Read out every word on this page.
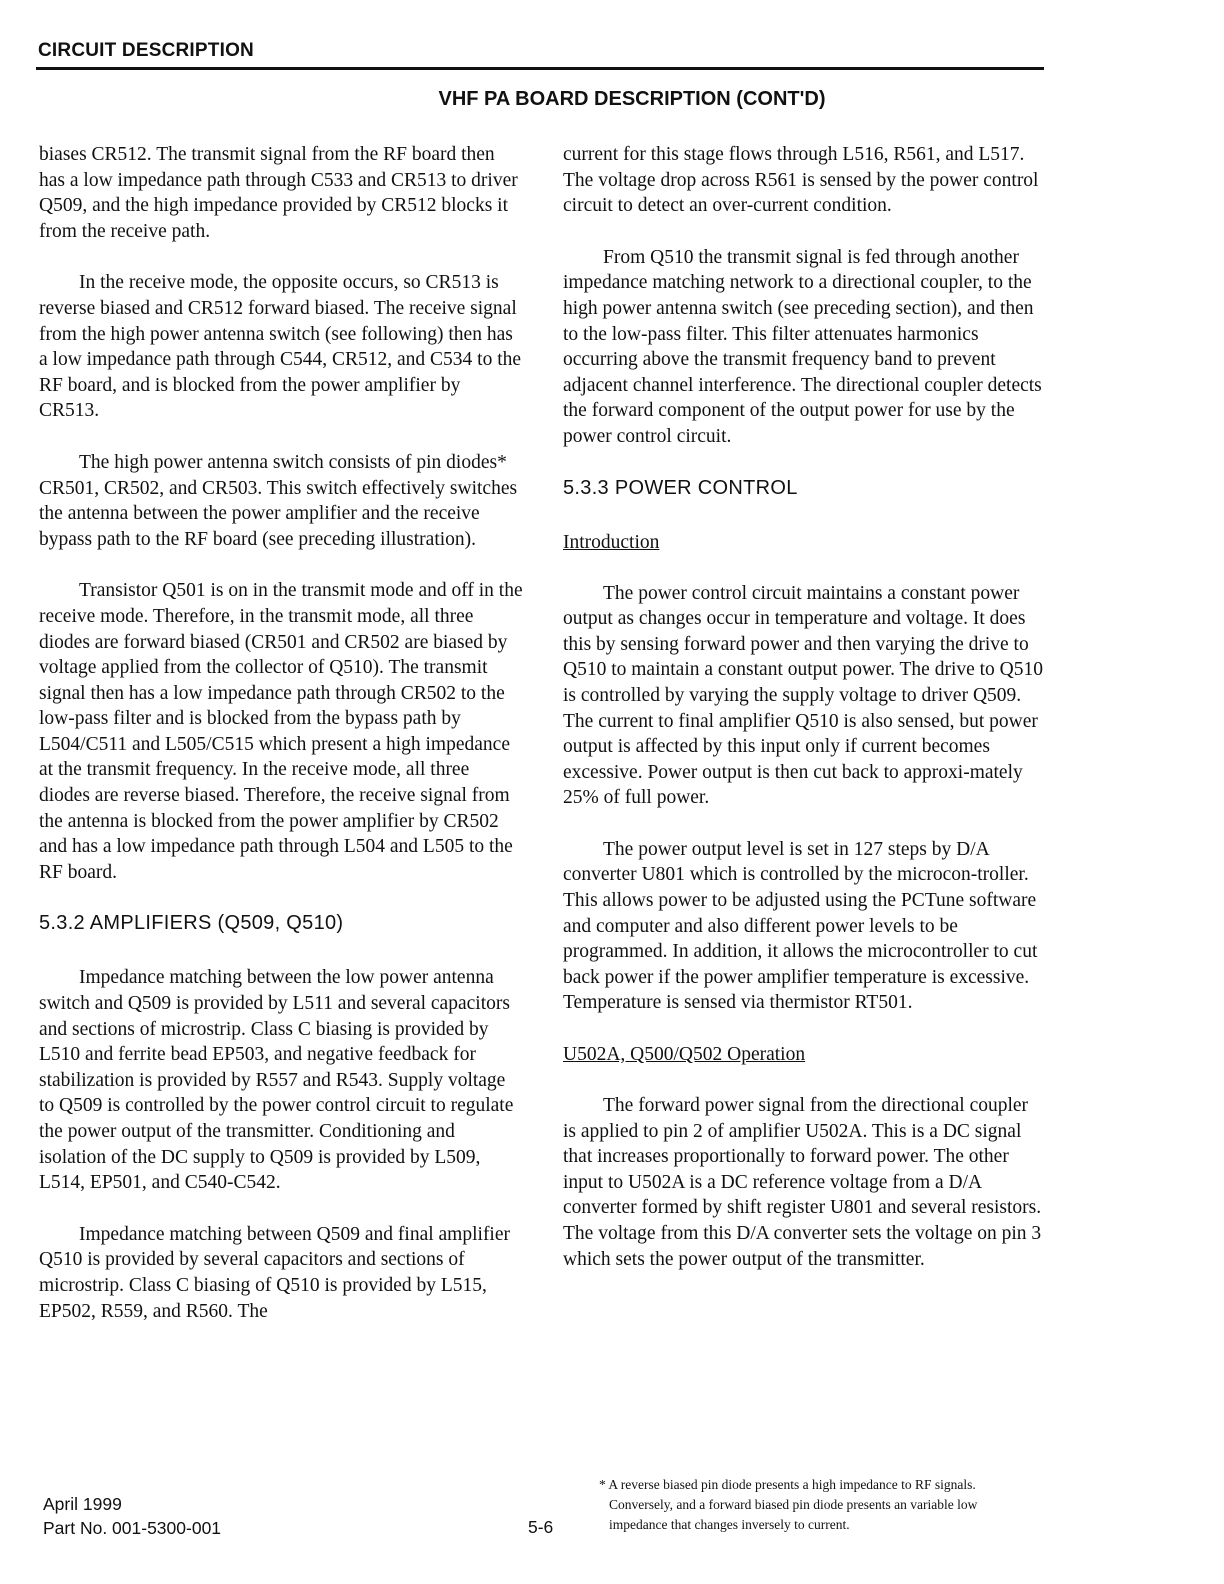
CIRCUIT DESCRIPTION
VHF PA BOARD DESCRIPTION (CONT'D)

biases CR512. The transmit signal from the RF board then has a low impedance path through C533 and CR513 to driver Q509, and the high impedance provided by CR512 blocks it from the receive path.

In the receive mode, the opposite occurs, so CR513 is reverse biased and CR512 forward biased. The receive signal from the high power antenna switch (see following) then has a low impedance path through C544, CR512, and C534 to the RF board, and is blocked from the power amplifier by CR513.

The high power antenna switch consists of pin diodes* CR501, CR502, and CR503. This switch effectively switches the antenna between the power amplifier and the receive bypass path to the RF board (see preceding illustration).

Transistor Q501 is on in the transmit mode and off in the receive mode. Therefore, in the transmit mode, all three diodes are forward biased (CR501 and CR502 are biased by voltage applied from the collector of Q510). The transmit signal then has a low impedance path through CR502 to the low-pass filter and is blocked from the bypass path by L504/C511 and L505/C515 which present a high impedance at the transmit frequency. In the receive mode, all three diodes are reverse biased. Therefore, the receive signal from the antenna is blocked from the power amplifier by CR502 and has a low impedance path through L504 and L505 to the RF board.

5.3.2 AMPLIFIERS (Q509, Q510)

Impedance matching between the low power antenna switch and Q509 is provided by L511 and several capacitors and sections of microstrip. Class C biasing is provided by L510 and ferrite bead EP503, and negative feedback for stabilization is provided by R557 and R543. Supply voltage to Q509 is controlled by the power control circuit to regulate the power output of the transmitter. Conditioning and isolation of the DC supply to Q509 is provided by L509, L514, EP501, and C540-C542.

Impedance matching between Q509 and final amplifier Q510 is provided by several capacitors and sections of microstrip. Class C biasing of Q510 is provided by L515, EP502, R559, and R560. The

current for this stage flows through L516, R561, and L517. The voltage drop across R561 is sensed by the power control circuit to detect an over-current condition.

From Q510 the transmit signal is fed through another impedance matching network to a directional coupler, to the high power antenna switch (see preceding section), and then to the low-pass filter. This filter attenuates harmonics occurring above the transmit frequency band to prevent adjacent channel interference. The directional coupler detects the forward component of the output power for use by the power control circuit.

5.3.3 POWER CONTROL
Introduction

The power control circuit maintains a constant power output as changes occur in temperature and voltage. It does this by sensing forward power and then varying the drive to Q510 to maintain a constant output power. The drive to Q510 is controlled by varying the supply voltage to driver Q509. The current to final amplifier Q510 is also sensed, but power output is affected by this input only if current becomes excessive. Power output is then cut back to approxi-mately 25% of full power.

The power output level is set in 127 steps by D/A converter U801 which is controlled by the microcon-troller. This allows power to be adjusted using the PCTune software and computer and also different power levels to be programmed. In addition, it allows the microcontroller to cut back power if the power amplifier temperature is excessive. Temperature is sensed via thermistor RT501.

U502A, Q500/Q502 Operation

The forward power signal from the directional coupler is applied to pin 2 of amplifier U502A. This is a DC signal that increases proportionally to forward power. The other input to U502A is a DC reference voltage from a D/A converter formed by shift register U801 and several resistors. The voltage from this D/A converter sets the voltage on pin 3 which sets the power output of the transmitter.

April 1999
Part No. 001-5300-001	5-6
* A reverse biased pin diode presents a high impedance to RF signals.
Conversely, and a forward biased pin diode presents an variable low
impedance that changes inversely to current.
